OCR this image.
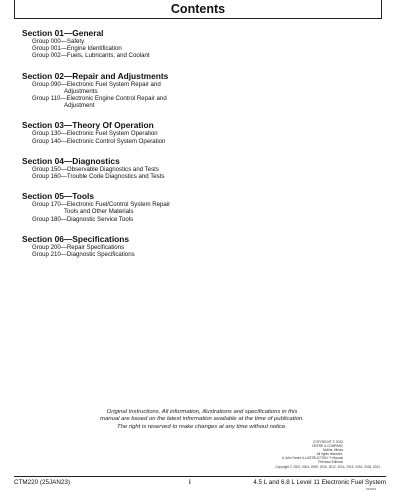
Contents

Section 01—General

Group 000—Safety

Group 001—Engine Identification

Group 002—Fuels, Lubricants, and Coolant

Section 02—Repair and Adjustments

Group 090—Electronic Fuel System Repair and
Adjustments

Group 110—Electronic Engine Control Repair and
Adjustment

Section 03—Theory Of Operation

Group 130—Electronic Fuel System Operation

Group 140—Electronic Control System Operation

Section 04—Diagnostics

Group 150—Observable Diagnostics and Tests

Group 160—Trouble Code Diagnostics and Tests

Section 05—Tools

Group 170—Electronic Fuel/Control System Repair
Tools and Other Materials

Group 180—Diagnostic Service Tools

Section 06—Specifications

Group 200—Repair Specifications

Group 210—Diagnostic Specifications

Original Instructions. All information, illustrations and specifications in this
manual are based on the latest information available at the time of publication.
The right is reserved to make changes at any time without notice.
COPYRIGHT © 2023
DEERE & COMPANY
Moline, Illinois
All rights reserved.
A John Deere ILLUSTRUCTION ™ Manual
Previous Editions
Copyright © 2002, 2004, 2009, 2010, 2012, 2014, 2015, 2016, 2018, 2021
CTM220 (25JAN23)	i	4.5 L and 6.8 L Level 11 Electronic Fuel System
010623
